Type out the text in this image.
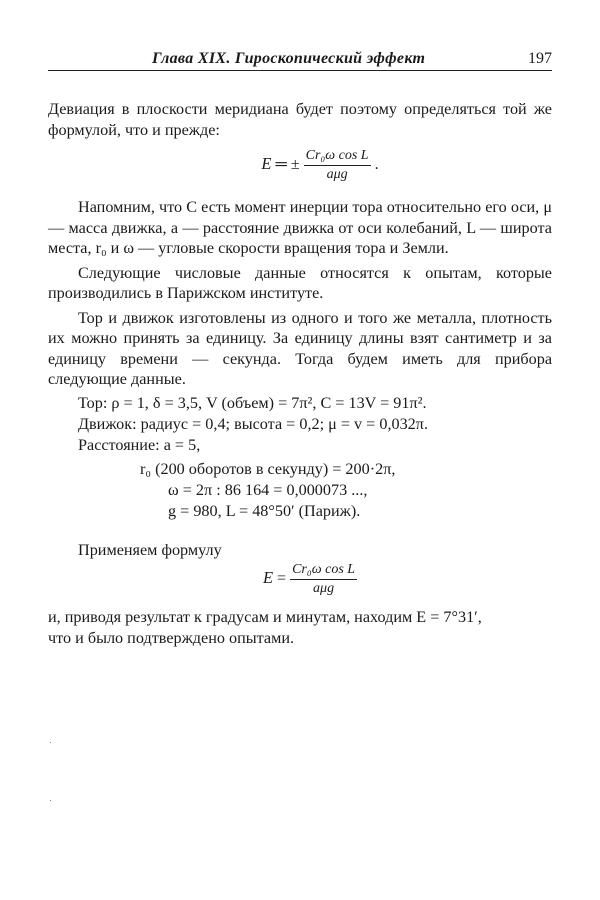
Глава XIX. Гироскопический эффект	197

Девиация в плоскости меридиана будет поэтому определяться той же формулой, что и прежде:

E ═ ± $\frac{\text{Cr₀ω cos L}}{\text{aμg}}$ .

Напомним, что C есть момент инерции тора относительно его оси, μ — масса движка, a — расстояние движка от оси колебаний, L — широта места, r₀ и ω — угловые скорости вращения тора и Земли.

Следующие числовые данные относятся к опытам, которые производились в Парижском институте.

Тор и движок изготовлены из одного и того же металла, плотность их можно принять за единицу. За единицу длины взят сантиметр и за единицу времени — секунда. Тогда будем иметь для прибора следующие данные.

Тор: ρ = 1, δ = 3,5, V (объем) = 7π², C = 13V = 91π².
Движок: радиус = 0,4; высота = 0,2; μ = v = 0,032π.
Расстояние: a = 5,
r₀ (200 оборотов в секунду) = 200·2π,
ω = 2π : 86 164 = 0,000073 ...,
g = 980, L = 48°50′ (Париж).

Применяем формулу

$E = \frac{\text{Cr₀ω cos L}}{\text{aμg}}$

и, приводя результат к градусам и минутам, находим E = 7°31′,

что и было подтверждено опытами.
